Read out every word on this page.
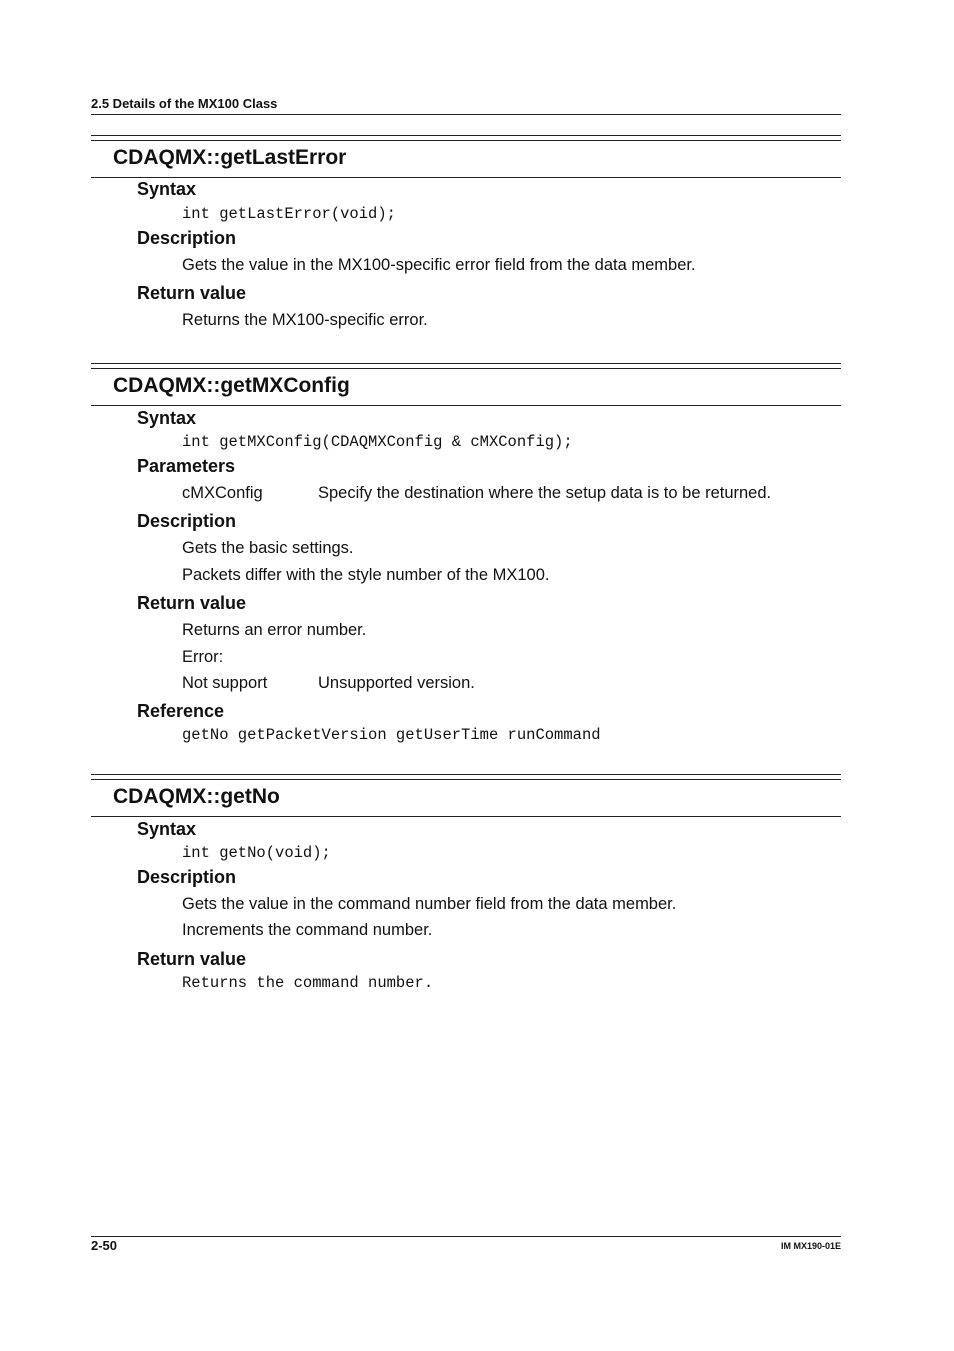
2.5 Details of the MX100 Class
CDAQMX::getLastError
Syntax
int getLastError(void);
Description
Gets the value in the MX100-specific error field from the data member.
Return value
Returns the MX100-specific error.
CDAQMX::getMXConfig
Syntax
int getMXConfig(CDAQMXConfig & cMXConfig);
Parameters
cMXConfig	Specify the destination where the setup data is to be returned.
Description
Gets the basic settings.
Packets differ with the style number of the MX100.
Return value
Returns an error number.
Error:
Not support	Unsupported version.
Reference
getNo getPacketVersion getUserTime runCommand
CDAQMX::getNo
Syntax
int getNo(void);
Description
Gets the value in the command number field from the data member.
Increments the command number.
Return value
Returns the command number.
2-50	IM MX190-01E
